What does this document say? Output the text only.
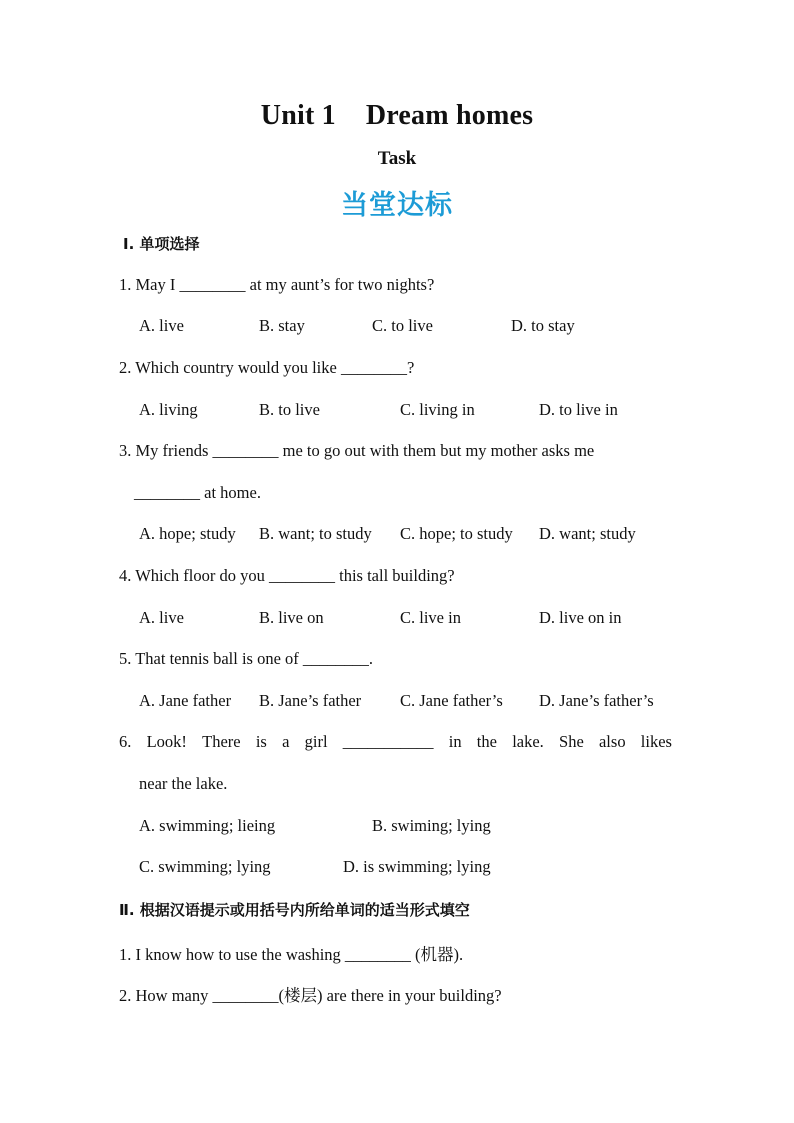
Unit 1 Dream homes
Task
当堂达标
Ⅰ. 单项选择
1. May I ________ at my aunt’s for two nights?
A. live	B. stay	C. to live	D. to stay
2. Which country would you like ________?
A. living	B. to live	C. living in	D. to live in
3. My friends ________ me to go out with them but my mother asks me
________ at home.
A. hope; study B. want; to study C. hope; to study D. want; study
4. Which floor do you ________ this tall building?
A. live	B. live on	C. live in	D. live on in
5. That tennis ball is one of ________.
A. Jane father B. Jane’s father C. Jane father’s D. Jane’s father’s
6. Look! There is a girl ___________ in the lake. She also likes
near the lake.
A. swimming; lieing	B. swiming; lying
C. swimming; lying	D. is swimming; lying
Ⅱ. 根据汉语提示或用括号内所给单词的适当形式填空
1. I know how to use the washing ________ (机器).
2. How many ________(楼层) are there in your building?
